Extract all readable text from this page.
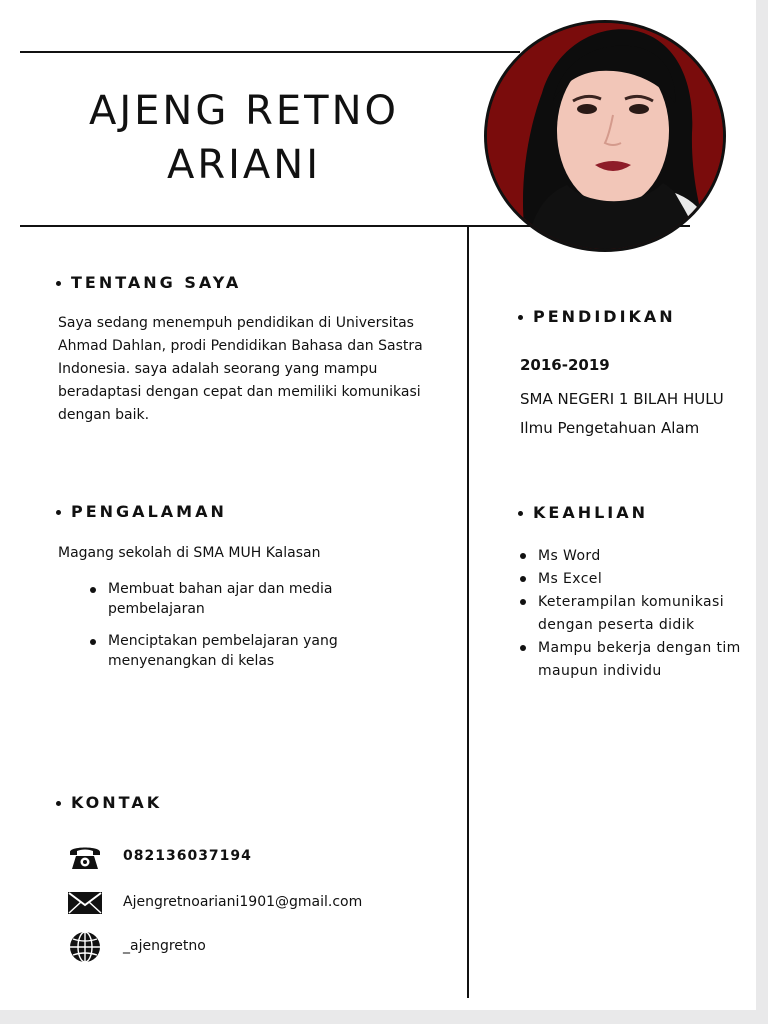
AJENG RETNO
ARIANI
TENTANG SAYA
Saya sedang menempuh pendidikan di Universitas Ahmad Dahlan, prodi Pendidikan Bahasa dan Sastra Indonesia. saya adalah seorang yang mampu beradaptasi dengan cepat dan memiliki komunikasi dengan baik.
PENDIDIKAN
2016-2019
SMA NEGERI 1 BILAH HULU
Ilmu Pengetahuan Alam
PENGALAMAN
Magang sekolah di SMA MUH Kalasan
Membuat bahan ajar dan media pembelajaran
Menciptakan pembelajaran yang menyenangkan di kelas
KEAHLIAN
Ms Word
Ms Excel
Keterampilan komunikasi dengan peserta didik
Mampu bekerja dengan tim maupun individu
KONTAK
082136037194
Ajengretnoariani1901@gmail.com
_ajengretno
